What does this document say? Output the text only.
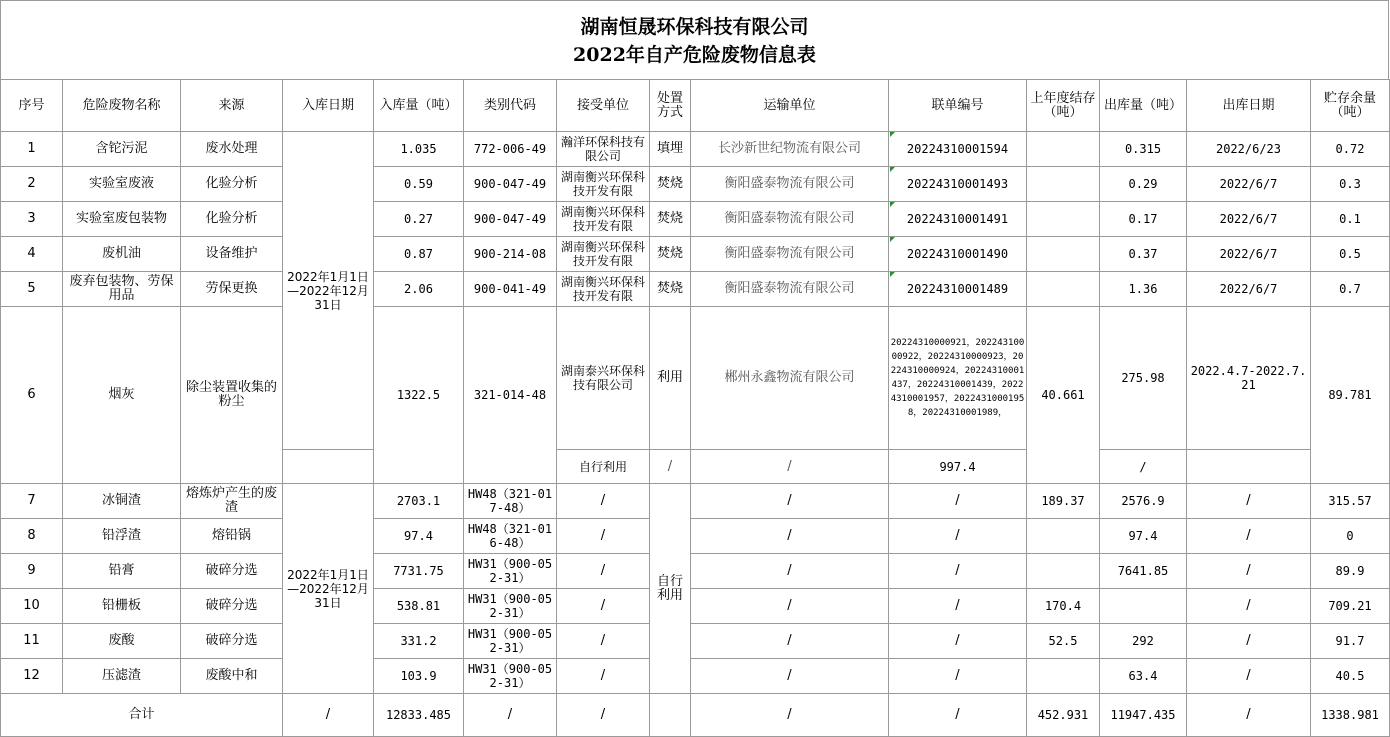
湖南恒晟环保科技有限公司
2022年自产危险废物信息表
序号	危险废物名称	来源	入库日期	入库量（吨）	类别代码	接受单位	处置方式	运输单位	联单编号	上年度结存（吨）	出库量（吨）	出库日期	贮存余量（吨）
1	含铊污泥	废水处理	2022年1月1日—2022年12月31日	1.035	772-006-49	瀚洋环保科技有限公司	填埋	长沙新世纪物流有限公司	20224310001594		0.315	2022/6/23	0.72
2	实验室废液	化验分析		0.59	900-047-49	湖南衡兴环保科技开发有限	焚烧	衡阳盛泰物流有限公司	20224310001493		0.29	2022/6/7	0.3
3	实验室废包装物	化验分析		0.27	900-047-49	湖南衡兴环保科技开发有限	焚烧	衡阳盛泰物流有限公司	20224310001491		0.17	2022/6/7	0.1
4	废机油	设备维护		0.87	900-214-08	湖南衡兴环保科技开发有限	焚烧	衡阳盛泰物流有限公司	20224310001490		0.37	2022/6/7	0.5
5	废弃包装物、劳保用品	劳保更换		2.06	900-041-49	湖南衡兴环保科技开发有限	焚烧	衡阳盛泰物流有限公司	20224310001489		1.36	2022/6/7	0.7
6	烟灰	除尘装置收集的粉尘		1322.5	321-014-48	湖南泰兴环保科技有限公司	利用	郴州永鑫物流有限公司	20224310000921，20224310000922，20224310000923，20224310000924，20224310001437，20224310001439，20224310001957，20224310001958，20224310001989，	40.661	275.98	2022.4.7-2022.7.21	89.781
						自行利用	/	/	997.4		/		
7	冰铜渣	熔炼炉产生的废渣	2022年1月1日—2022年12月31日	2703.1	HW48（321-017-48）	/	自行利用	/	/	189.37	2576.9	/	315.57
8	铅浮渣	熔铅锅		97.4	HW48（321-016-48）	/		/	/		97.4	/	0
9	铅膏	破碎分选		7731.75	HW31（900-052-31）	/		/	/		7641.85	/	89.9
10	铅栅板	破碎分选		538.81	HW31（900-052-31）	/		/	/	170.4		/	709.21
11	废酸	破碎分选		331.2	HW31（900-052-31）	/		/	/	52.5	292	/	91.7
12	压滤渣	废酸中和		103.9	HW31（900-052-31）	/		/	/		63.4	/	40.5
合计			/	12833.485	/	/		/	/	452.931	11947.435	/	1338.981
